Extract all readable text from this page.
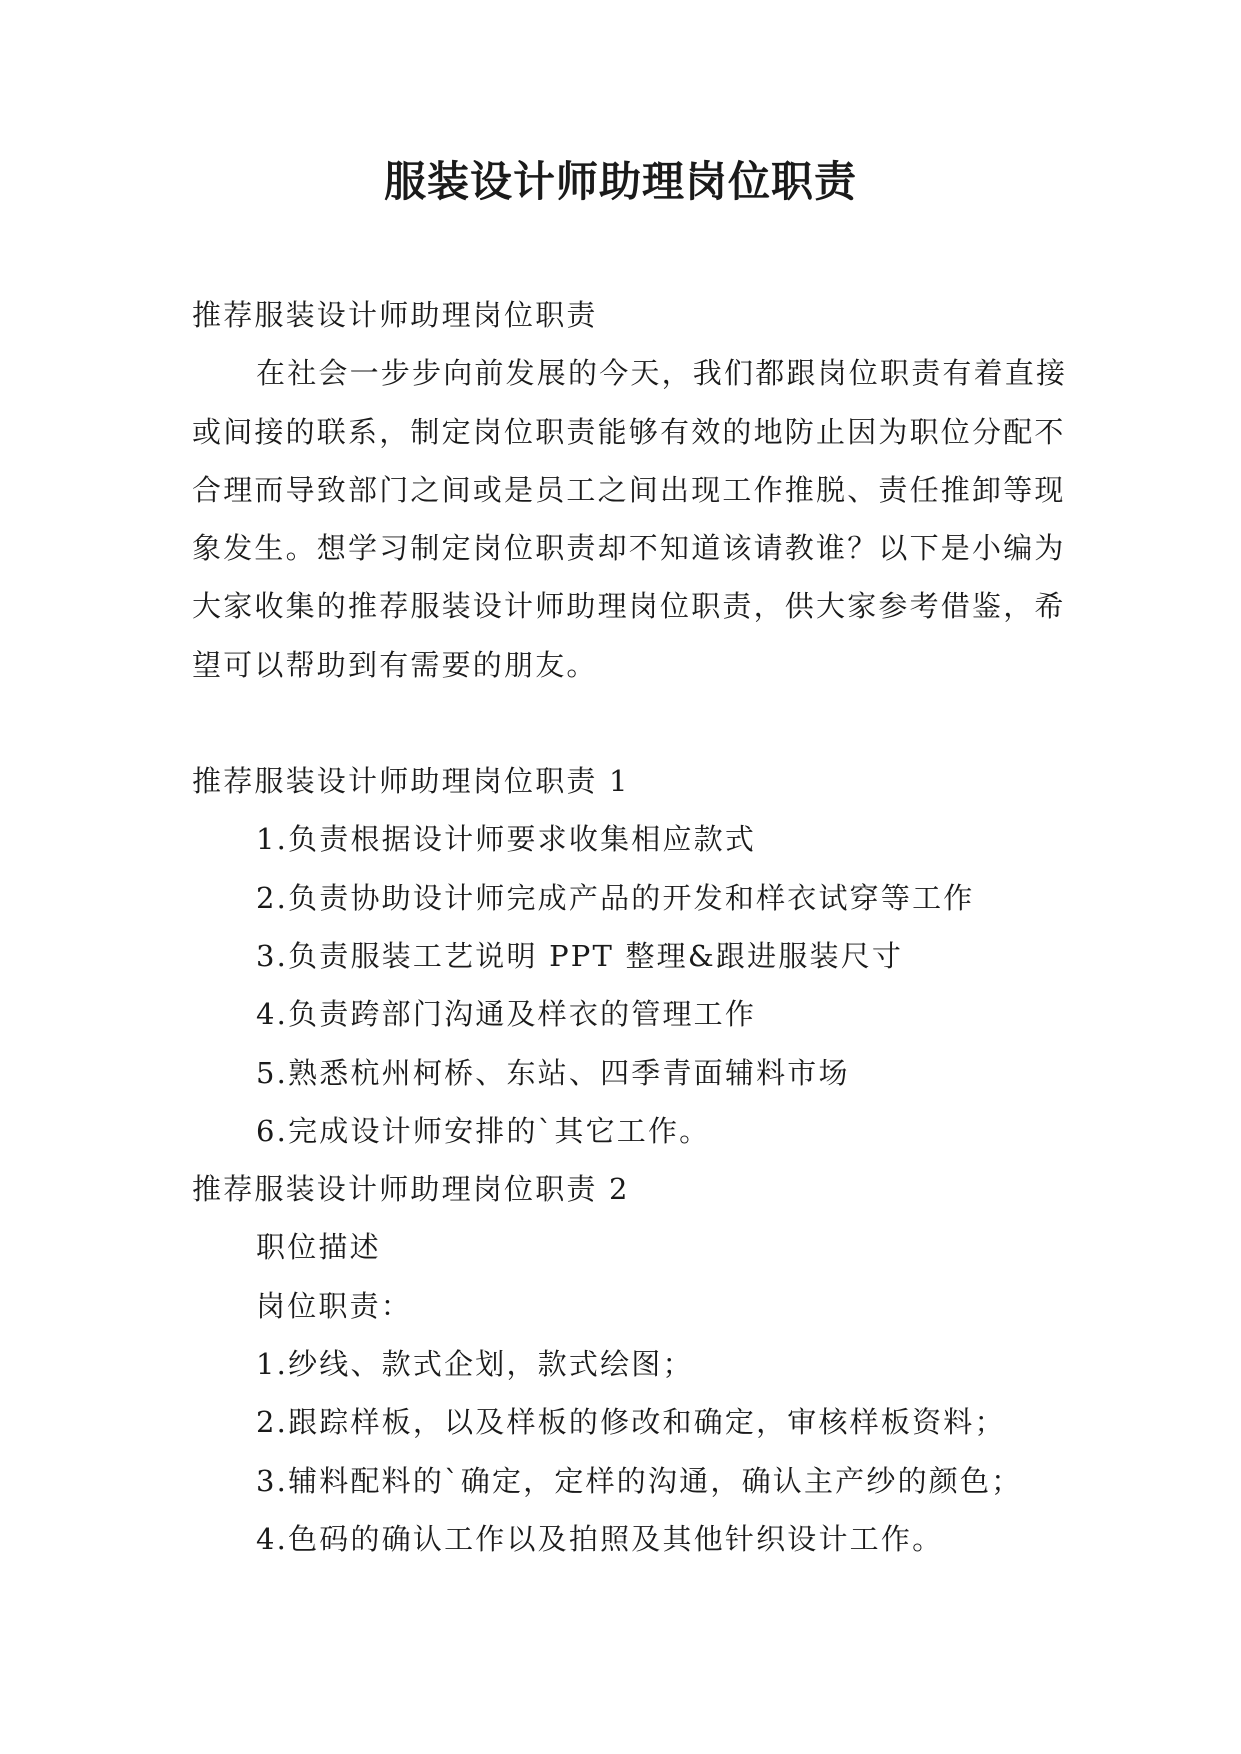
服装设计师助理岗位职责

推荐服装设计师助理岗位职责

在社会一步步向前发展的今天，我们都跟岗位职责有着直接或间接的联系，制定岗位职责能够有效的地防止因为职位分配不合理而导致部门之间或是员工之间出现工作推脱、责任推卸等现象发生。想学习制定岗位职责却不知道该请教谁？以下是小编为大家收集的推荐服装设计师助理岗位职责，供大家参考借鉴，希望可以帮助到有需要的朋友。

推荐服装设计师助理岗位职责 1

1.负责根据设计师要求收集相应款式

2.负责协助设计师完成产品的开发和样衣试穿等工作

3.负责服装工艺说明 PPT 整理&跟进服装尺寸

4.负责跨部门沟通及样衣的管理工作

5.熟悉杭州柯桥、东站、四季青面辅料市场

6.完成设计师安排的`其它工作。

推荐服装设计师助理岗位职责 2

职位描述

岗位职责：

1.纱线、款式企划，款式绘图；

2.跟踪样板，以及样板的修改和确定，审核样板资料；

3.辅料配料的`确定，定样的沟通，确认主产纱的颜色；

4.色码的确认工作以及拍照及其他针织设计工作。
